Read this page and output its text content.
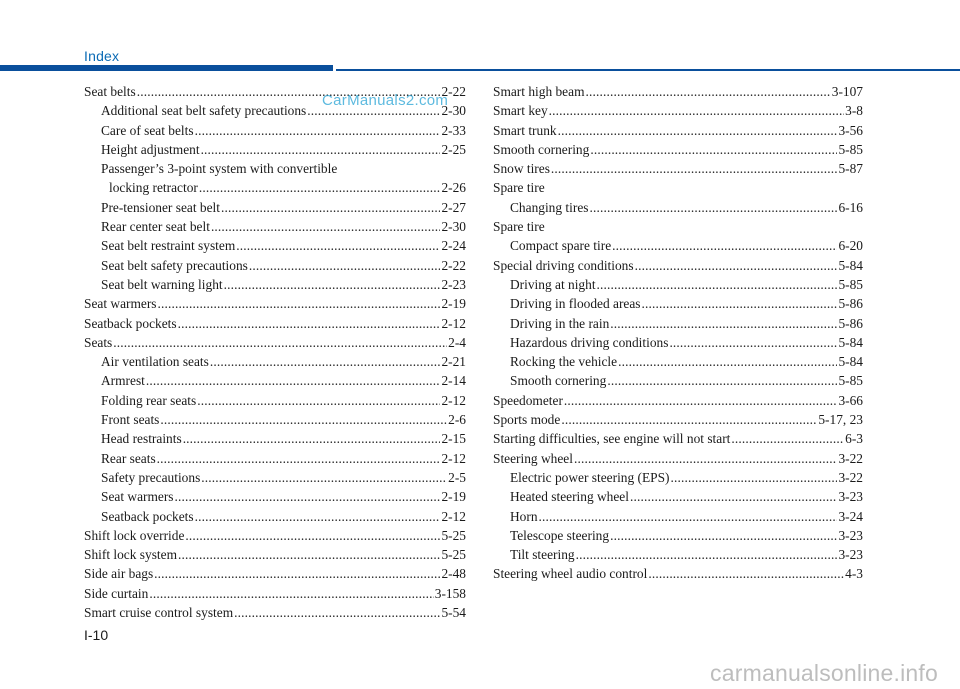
Index
Seat belts .....	2-22
Additional seat belt safety precautions .....	2-30
Care of seat belts .....	2-33
Height adjustment .....	2-25
Passenger’s 3-point system with convertible
locking retractor .....	2-26
Pre-tensioner seat belt .....	2-27
Rear center seat belt .....	2-30
Seat belt restraint system .....	2-24
Seat belt safety precautions .....	2-22
Seat belt warning light .....	2-23
Seat warmers .....	2-19
Seatback pockets .....	2-12
Seats .....	2-4
Air ventilation seats .....	2-21
Armrest .....	2-14
Folding rear seats .....	2-12
Front seats .....	2-6
Head restraints .....	2-15
Rear seats .....	2-12
Safety precautions .....	2-5
Seat warmers .....	2-19
Seatback pockets .....	2-12
Shift lock override .....	5-25
Shift lock system .....	5-25
Side air bags .....	2-48
Side curtain .....	3-158
Smart cruise control system .....	5-54
Smart high beam .....	3-107
Smart key .....	3-8
Smart trunk .....	3-56
Smooth cornering .....	5-85
Snow tires .....	5-87
Spare tire
Changing tires .....	6-16
Spare tire
Compact spare tire .....	6-20
Special driving conditions .....	5-84
Driving at night .....	5-85
Driving in flooded areas .....	5-86
Driving in the rain .....	5-86
Hazardous driving conditions .....	5-84
Rocking the vehicle .....	5-84
Smooth cornering .....	5-85
Speedometer .....	3-66
Sports mode .....	5-17, 23
Starting difficulties, see engine will not start .....	6-3
Steering wheel .....	3-22
Electric power steering (EPS) .....	3-22
Heated steering wheel .....	3-23
Horn .....	3-24
Telescope steering .....	3-23
Tilt steering .....	3-23
Steering wheel audio control .....	4-3
CarManuals2.com
I-10
carmanualsonline.info
